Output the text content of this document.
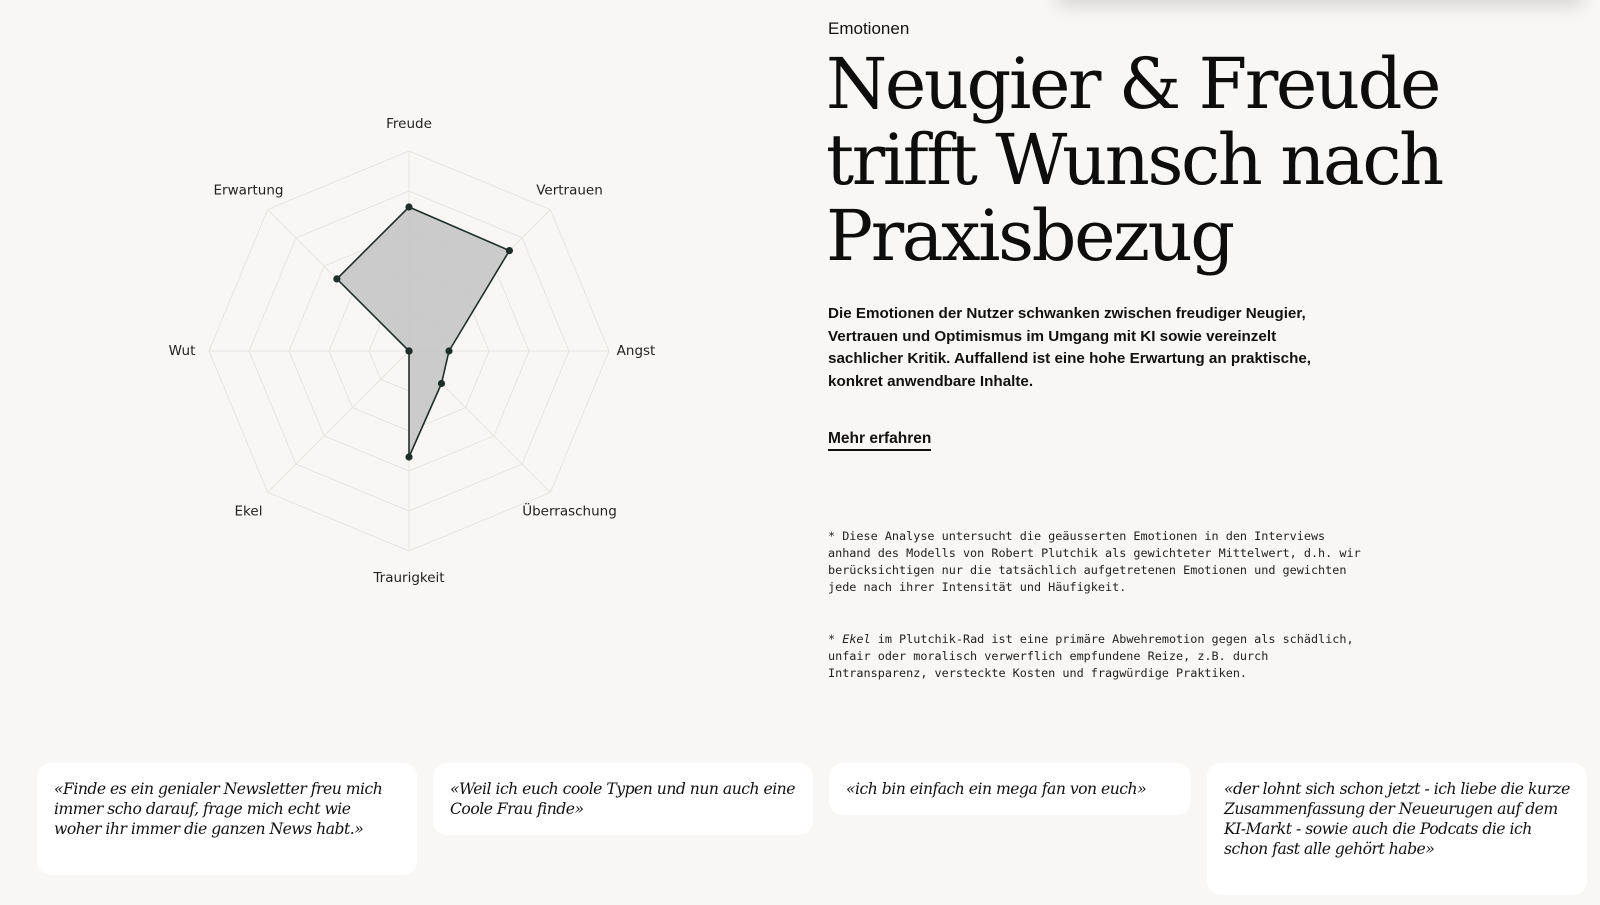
Freude
Vertrauen
Angst
Überraschung
Traurigkeit
Ekel
Wut
Erwartung
Emotionen
Neugier & Freude trifft Wunsch nach Praxisbezug

Die Emotionen der Nutzer schwanken zwischen freudiger Neugier, Vertrauen und Optimismus im Umgang mit KI sowie vereinzelt sachlicher Kritik. Auffallend ist eine hohe Erwartung an praktische, konkret anwendbare Inhalte.

Mehr erfahren

* Diese Analyse untersucht die geäusserten Emotionen in den Interviews anhand des Modells von Robert Plutchik als gewichteter Mittelwert, d.h. wir berücksichtigen nur die tatsächlich aufgetretenen Emotionen und gewichten jede nach ihrer Intensität und Häufigkeit.

* Ekel im Plutchik-Rad ist eine primäre Abwehremotion gegen als schädlich, unfair oder moralisch verwerflich empfundene Reize, z.B. durch Intransparenz, versteckte Kosten und fragwürdige Praktiken.

«Finde es ein genialer Newsletter freu mich immer scho darauf, frage mich echt wie woher ihr immer die ganzen News habt.»
«Weil ich euch coole Typen und nun auch eine Coole Frau finde»
«ich bin einfach ein mega fan von euch»	«der lohnt sich schon jetzt - ich liebe die kurze Zusammenfassung der Neueurugen auf dem KI-Markt - sowie auch die Podcats die ich schon fast alle gehört habe»
